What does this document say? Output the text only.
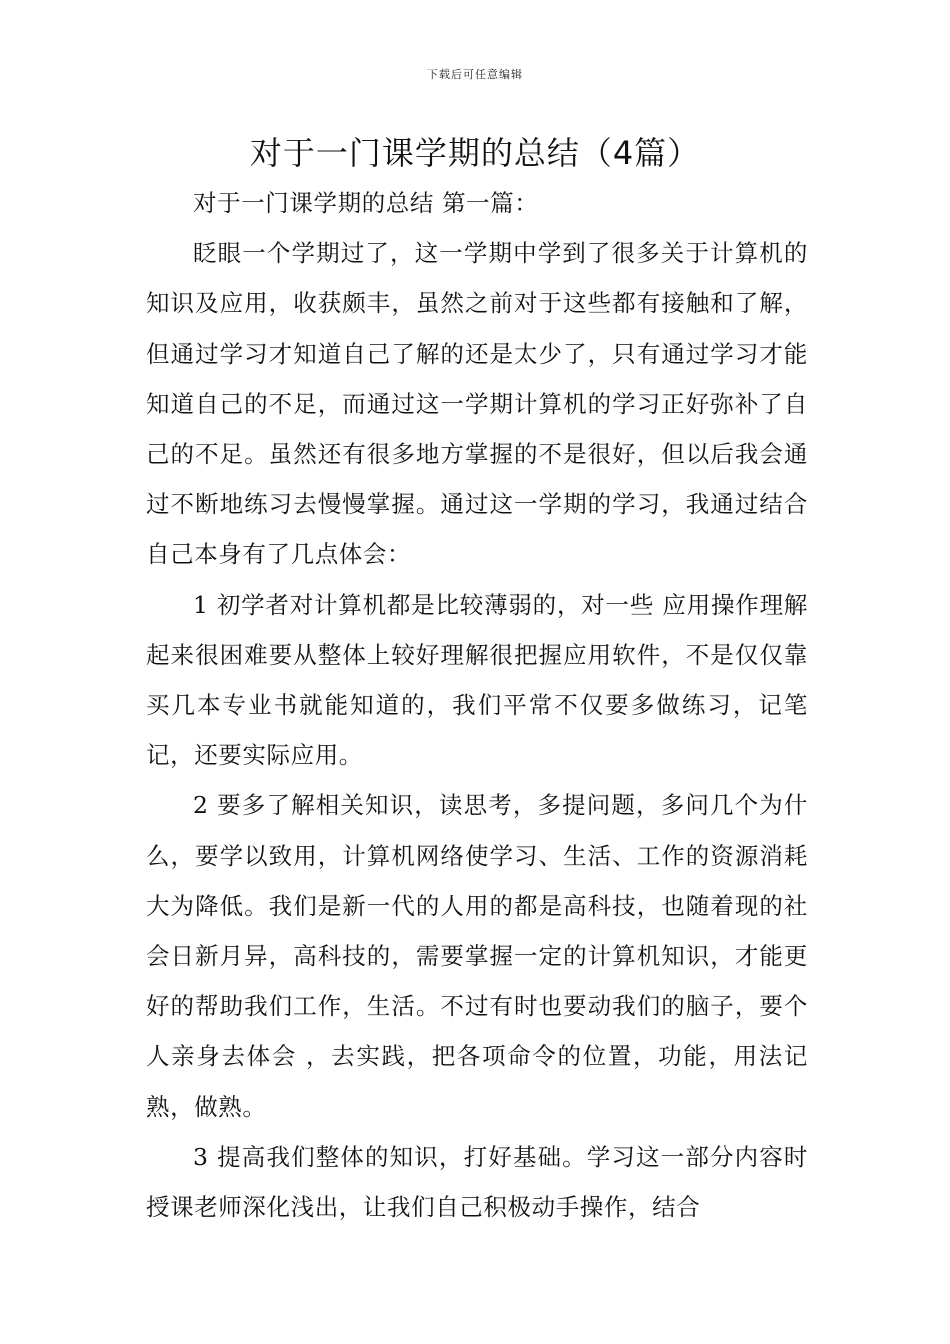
下载后可任意编辑
对于一门课学期的总结（4篇）

对于一门课学期的总结 第一篇：

眨眼一个学期过了，这一学期中学到了很多关于计算机的知识及应用，收获颇丰，虽然之前对于这些都有接触和了解，但通过学习才知道自己了解的还是太少了，只有通过学习才能知道自己的不足，而通过这一学期计算机的学习正好弥补了自己的不足。虽然还有很多地方掌握的不是很好，但以后我会通过不断地练习去慢慢掌握。通过这一学期的学习，我通过结合自己本身有了几点体会：

1 初学者对计算机都是比较薄弱的，对一些 应用操作理解起来很困难要从整体上较好理解很把握应用软件，不是仅仅靠买几本专业书就能知道的，我们平常不仅要多做练习，记笔记，还要实际应用。

2 要多了解相关知识，读思考，多提问题，多问几个为什么，要学以致用，计算机网络使学习、生活、工作的资源消耗大为降低。我们是新一代的人用的都是高科技，也随着现的社会日新月异，高科技的，需要掌握一定的计算机知识，才能更好的帮助我们工作，生活。不过有时也要动我们的脑子，要个人亲身去体会 ，去实践，把各项命令的位置，功能，用法记熟，做熟。

3 提高我们整体的知识，打好基础。学习这一部分内容时授课老师深化浅出，让我们自己积极动手操作，结合
